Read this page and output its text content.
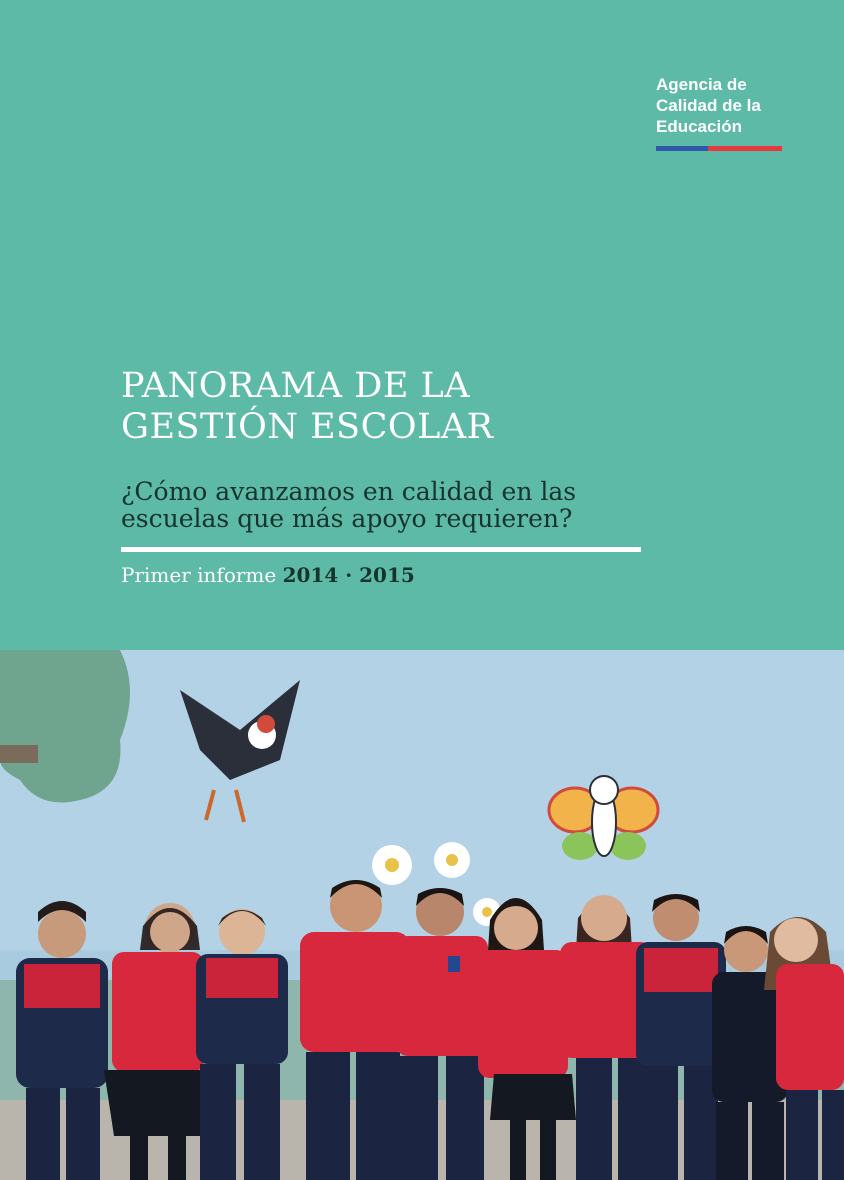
Agencia de
Calidad de la
Educación
PANORAMA DE LA
GESTIÓN ESCOLAR
¿Cómo avanzamos en calidad en las
escuelas que más apoyo requieren?
Primer informe 2014 · 2015
